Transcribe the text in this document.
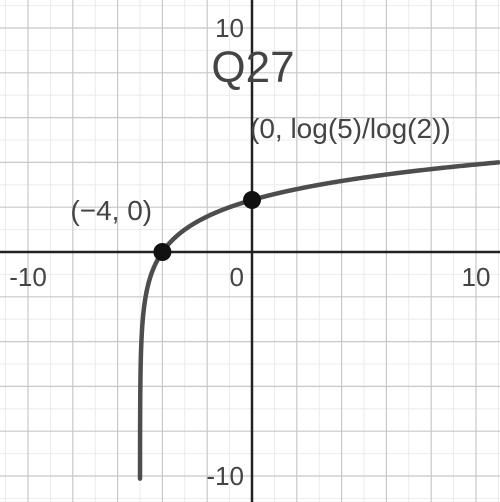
-10	0	10
10
-10
(−4, 0)
(0, log(5)/log(2))
Q27
